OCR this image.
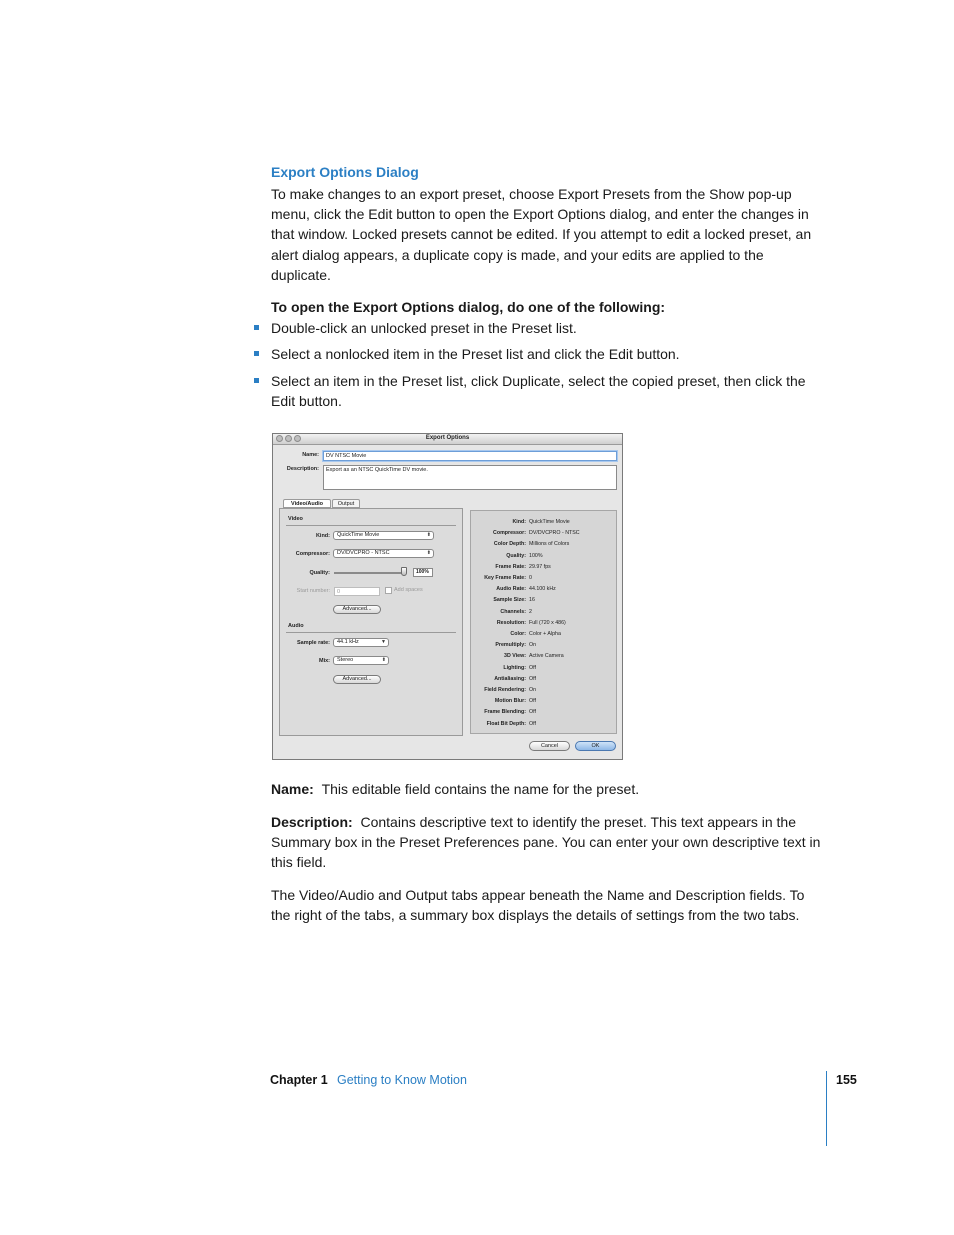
Export Options Dialog
To make changes to an export preset, choose Export Presets from the Show pop-up menu, click the Edit button to open the Export Options dialog, and enter the changes in that window. Locked presets cannot be edited. If you attempt to edit a locked preset, an alert dialog appears, a duplicate copy is made, and your edits are applied to the duplicate.
To open the Export Options dialog, do one of the following:
Double-click an unlocked preset in the Preset list.
Select a nonlocked item in the Preset list and click the Edit button.
Select an item in the Preset list, click Duplicate, select the copied preset, then click the Edit button.
Export Options
Name:	DV NTSC Movie
Description:	Export as an NTSC QuickTime DV movie.
Video/Audio	Output
Video
Kind:	QuickTime Movie	⬍
Compressor:	DV/DVCPRO - NTSC	⬍
Quality:	100%
Start number:	0	Add spaces
Advanced...
Audio
Sample rate:	44.1 kHz	▼
Mix:	Stereo	⬍
Advanced...
Kind: QuickTime Movie
Compressor: DV/DVCPRO - NTSC
Color Depth: Millions of Colors
Quality: 100%
Frame Rate: 29.97 fps
Key Frame Rate: 0
Audio Rate: 44.100 kHz
Sample Size: 16
Channels: 2
Resolution: Full (720 x 486)
Color: Color + Alpha
Premultiply: On
3D View: Active Camera
Lighting: Off
Antialiasing: Off
Field Rendering: On
Motion Blur: Off
Frame Blending: Off
Float Bit Depth: Off
Cancel	OK
Name: This editable field contains the name for the preset.
Description: Contains descriptive text to identify the preset. This text appears in the Summary box in the Preset Preferences pane. You can enter your own descriptive text in this field.
The Video/Audio and Output tabs appear beneath the Name and Description fields. To the right of the tabs, a summary box displays the details of settings from the two tabs.
Chapter 1 Getting to Know Motion	155
